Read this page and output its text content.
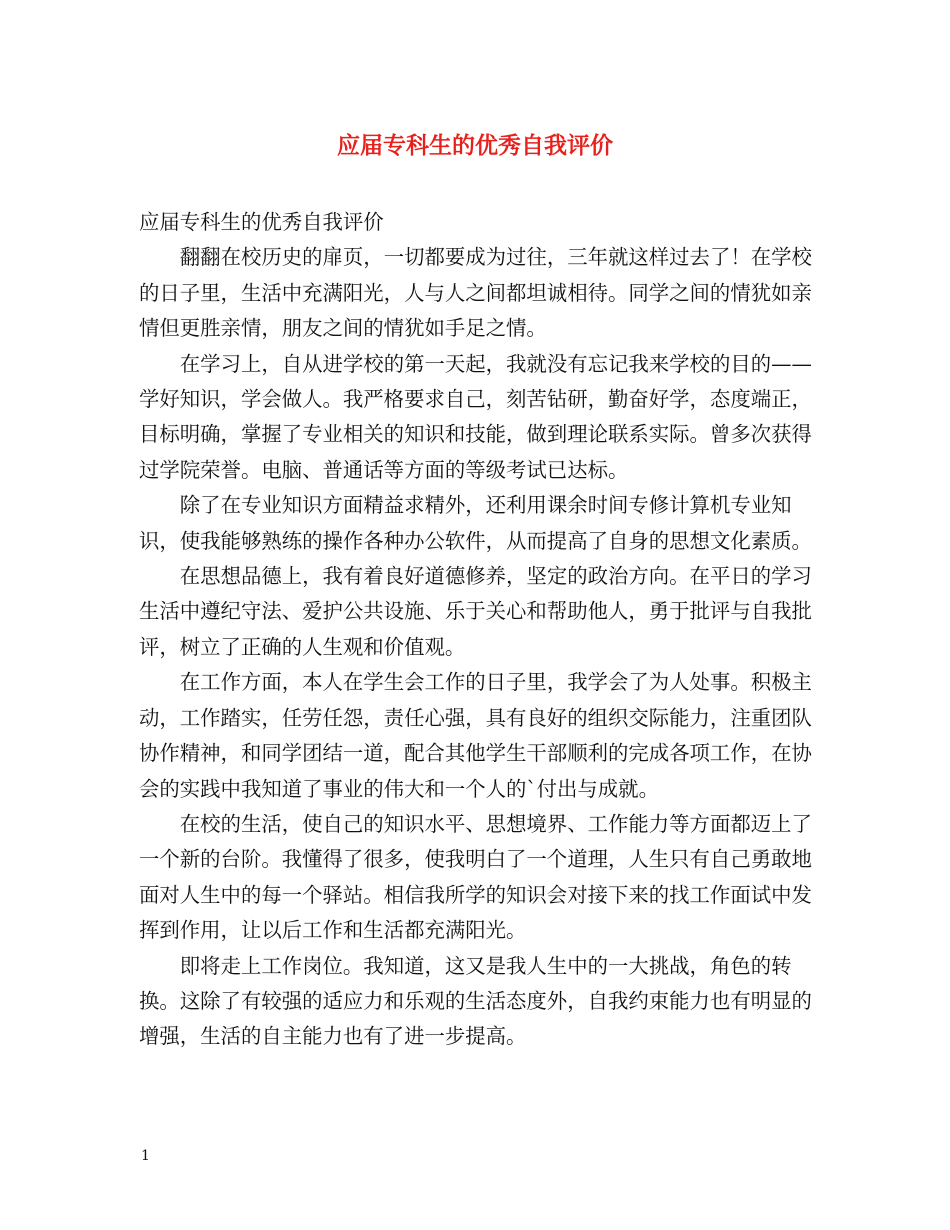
应届专科生的优秀自我评价

应届专科生的优秀自我评价

翻翻在校历史的扉页，一切都要成为过往，三年就这样过去了！在学校的日子里，生活中充满阳光，人与人之间都坦诚相待。同学之间的情犹如亲情但更胜亲情，朋友之间的情犹如手足之情。

在学习上，自从进学校的第一天起，我就没有忘记我来学校的目的——学好知识，学会做人。我严格要求自己，刻苦钻研，勤奋好学，态度端正，目标明确，掌握了专业相关的知识和技能，做到理论联系实际。曾多次获得过学院荣誉。电脑、普通话等方面的等级考试已达标。

除了在专业知识方面精益求精外，还利用课余时间专修计算机专业知识，使我能够熟练的操作各种办公软件，从而提高了自身的思想文化素质。

在思想品德上，我有着良好道德修养，坚定的政治方向。在平日的学习生活中遵纪守法、爱护公共设施、乐于关心和帮助他人，勇于批评与自我批评，树立了正确的人生观和价值观。

在工作方面，本人在学生会工作的日子里，我学会了为人处事。积极主动，工作踏实，任劳任怨，责任心强，具有良好的组织交际能力，注重团队协作精神，和同学团结一道，配合其他学生干部顺利的完成各项工作，在协会的实践中我知道了事业的伟大和一个人的`付出与成就。

在校的生活，使自己的知识水平、思想境界、工作能力等方面都迈上了一个新的台阶。我懂得了很多，使我明白了一个道理，人生只有自己勇敢地面对人生中的每一个驿站。相信我所学的知识会对接下来的找工作面试中发挥到作用，让以后工作和生活都充满阳光。

即将走上工作岗位。我知道，这又是我人生中的一大挑战，角色的转换。这除了有较强的适应力和乐观的生活态度外，自我约束能力也有明显的增强，生活的自主能力也有了进一步提高。

1
